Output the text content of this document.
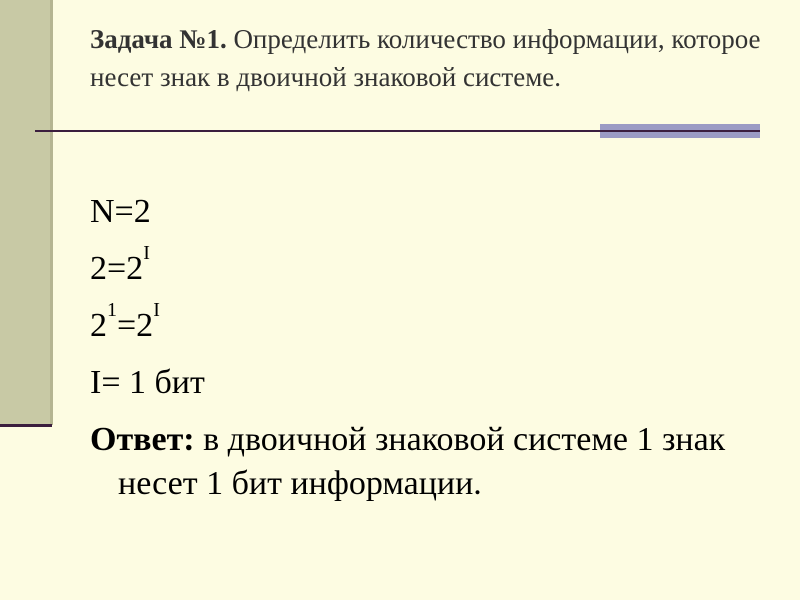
Задача №1. Определить количество информации, которое несет знак в двоичной знаковой системе.
N=2
$2=2^I$
$2^1=2^I$
I= 1 бит
Ответ: в двоичной знаковой системе 1 знак несет 1 бит информации.
